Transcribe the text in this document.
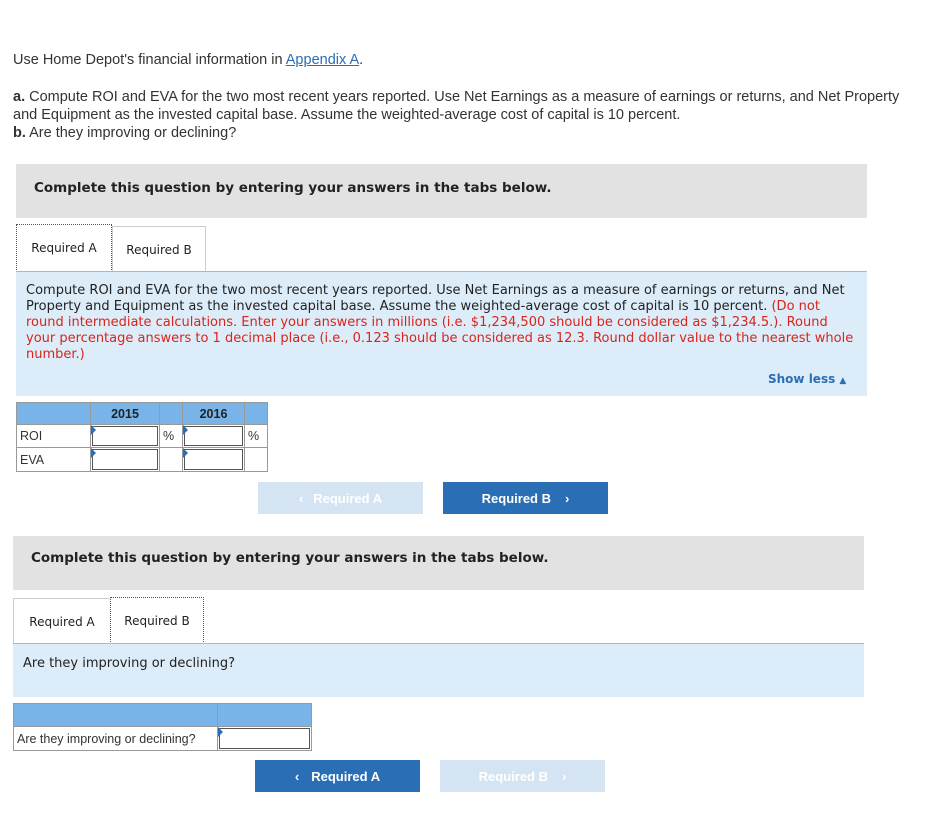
Use Home Depot's financial information in Appendix A.
a. Compute ROI and EVA for the two most recent years reported. Use Net Earnings as a measure of earnings or returns, and Net Property and Equipment as the invested capital base. Assume the weighted-average cost of capital is 10 percent.
b. Are they improving or declining?
Complete this question by entering your answers in the tabs below.
Required A Required B
Compute ROI and EVA for the two most recent years reported. Use Net Earnings as a measure of earnings or returns, and Net Property and Equipment as the invested capital base. Assume the weighted-average cost of capital is 10 percent. (Do not round intermediate calculations. Enter your answers in millions (i.e. $1,234,500 should be considered as $1,234.5.). Round your percentage answers to 1 decimal place (i.e., 0.123 should be considered as 12.3. Round dollar value to the nearest whole number.)
Show less ▲
	2015		2016	
ROI		%		%
EVA	

‹ Required A	Required B ›
Complete this question by entering your answers in the tabs below.
Required A Required B
Are they improving or declining?

Are they improving or declining?	
‹ Required A	Required B ›
